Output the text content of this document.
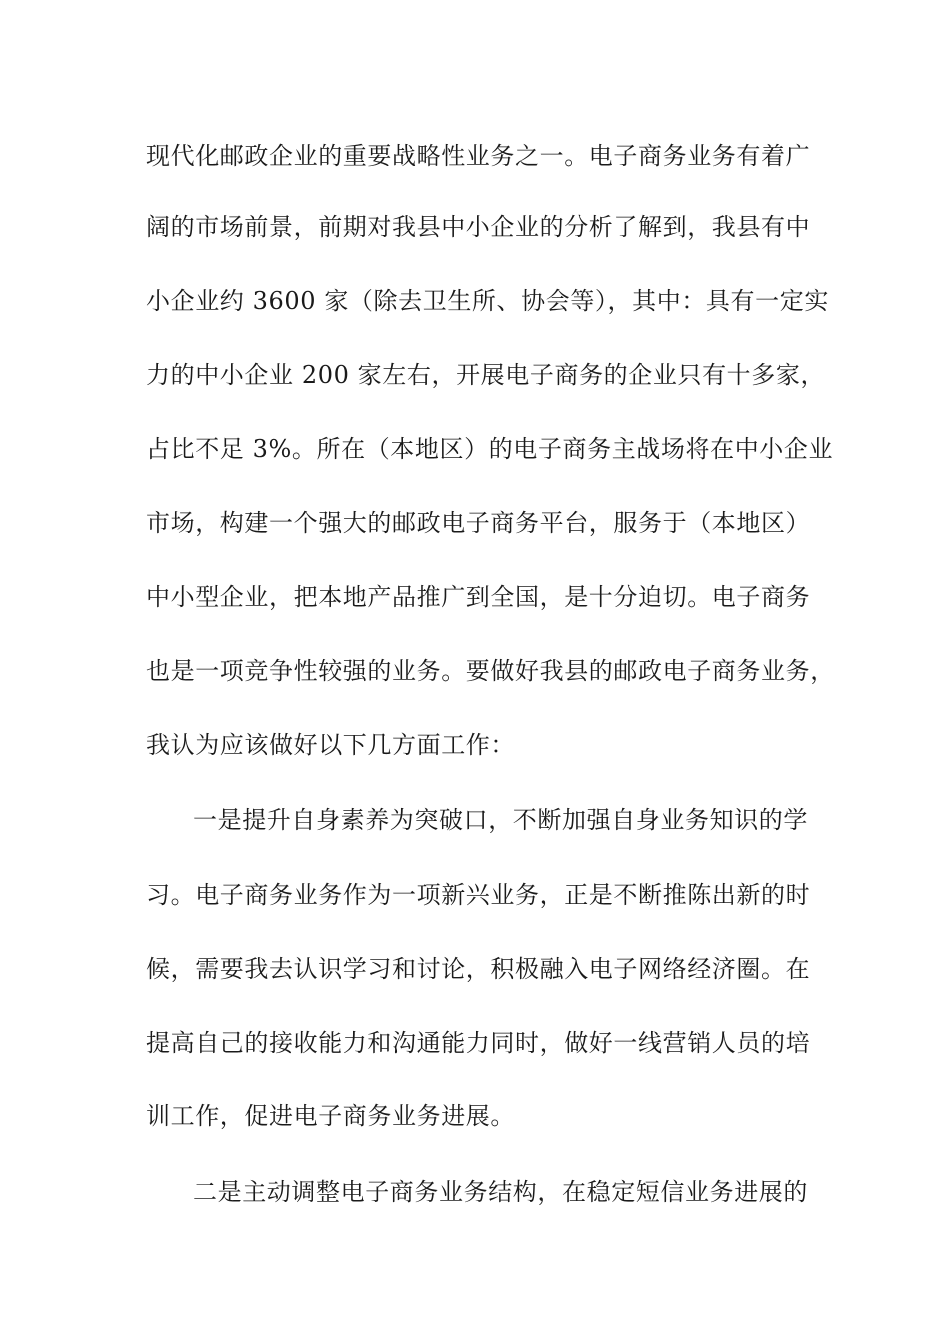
现代化邮政企业的重要战略性业务之一。电子商务业务有着广
阔的市场前景，前期对我县中小企业的分析了解到，我县有中
小企业约 3600 家（除去卫生所、协会等），其中：具有一定实
力的中小企业 200 家左右，开展电子商务的企业只有十多家，
占比不足 3%。所在（本地区）的电子商务主战场将在中小企业
市场，构建一个强大的邮政电子商务平台，服务于（本地区）
中小型企业，把本地产品推广到全国，是十分迫切。电子商务
也是一项竞争性较强的业务。要做好我县的邮政电子商务业务，
我认为应该做好以下几方面工作：
一是提升自身素养为突破口，不断加强自身业务知识的学
习。电子商务业务作为一项新兴业务，正是不断推陈出新的时
候，需要我去认识学习和讨论，积极融入电子网络经济圈。在
提高自己的接收能力和沟通能力同时，做好一线营销人员的培
训工作，促进电子商务业务进展。
二是主动调整电子商务业务结构，在稳定短信业务进展的
